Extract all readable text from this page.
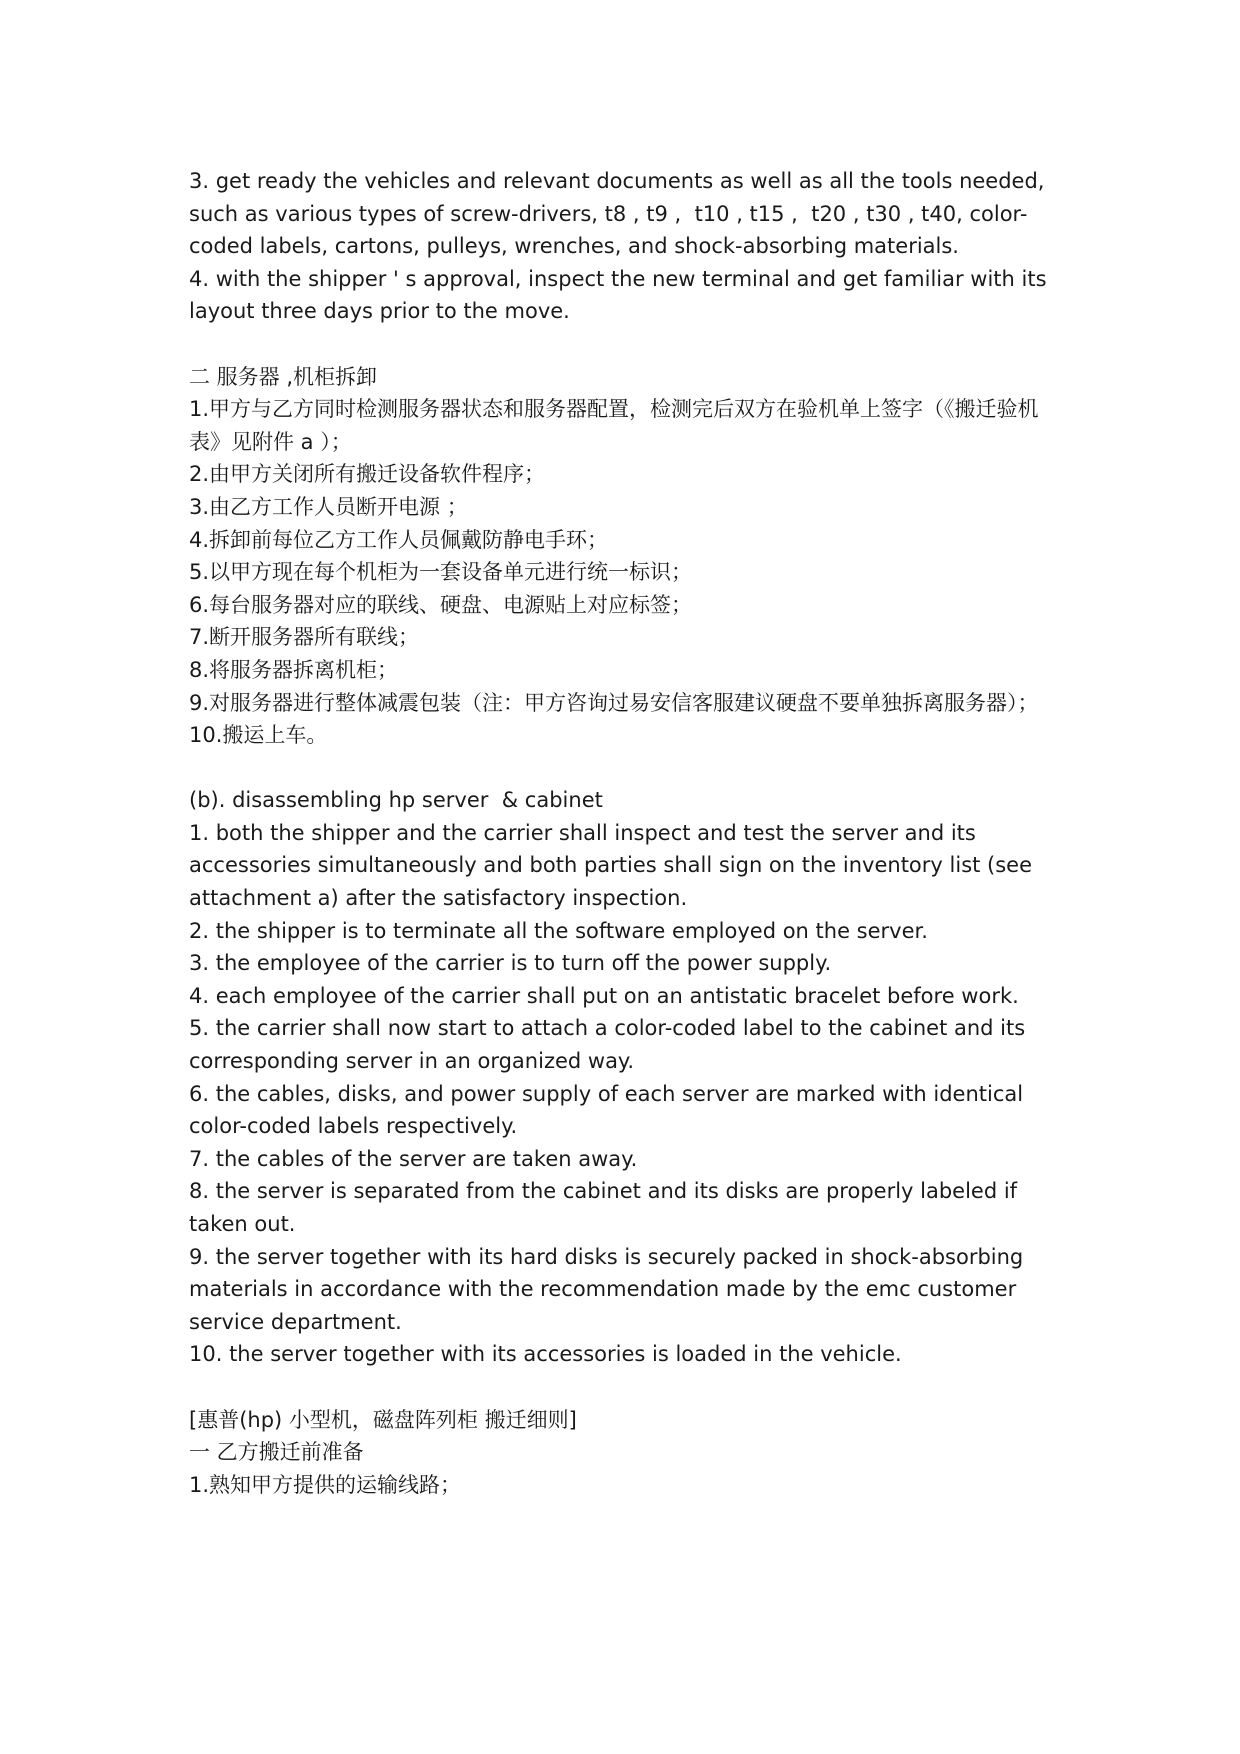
3. get ready the vehicles and relevant documents as well as all the tools needed, such as various types of screw-drivers, t8 , t9 ,  t10 , t15 ,  t20 , t30 , t40, color-coded labels, cartons, pulleys, wrenches, and shock-absorbing materials.

4. with the shipper ' s approval, inspect the new terminal and get familiar with its layout three days prior to the move.

二 服务器 ,机柜拆卸

1.甲方与乙方同时检测服务器状态和服务器配置，检测完后双方在验机单上签字（《搬迁验机表》见附件 a ）；

2.由甲方关闭所有搬迁设备软件程序；

3.由乙方工作人员断开电源 ；

4.拆卸前每位乙方工作人员佩戴防静电手环；

5.以甲方现在每个机柜为一套设备单元进行统一标识；

6.每台服务器对应的联线、硬盘、电源贴上对应标签；

7.断开服务器所有联线；

8.将服务器拆离机柜；

9.对服务器进行整体减震包装（注：甲方咨询过易安信客服建议硬盘不要单独拆离服务器）；

10.搬运上车。

(b). disassembling hp server  & cabinet

1. both the shipper and the carrier shall inspect and test the server and its accessories simultaneously and both parties shall sign on the inventory list (see attachment a) after the satisfactory inspection.

2. the shipper is to terminate all the software employed on the server.

3. the employee of the carrier is to turn off the power supply.

4. each employee of the carrier shall put on an antistatic bracelet before work.

5. the carrier shall now start to attach a color-coded label to the cabinet and its corresponding server in an organized way.

6. the cables, disks, and power supply of each server are marked with identical color-coded labels respectively.

7. the cables of the server are taken away.

8. the server is separated from the cabinet and its disks are properly labeled if taken out.

9. the server together with its hard disks is securely packed in shock-absorbing materials in accordance with the recommendation made by the emc customer service department.

10. the server together with its accessories is loaded in the vehicle.

[惠普(hp) 小型机，磁盘阵列柜 搬迁细则]

一 乙方搬迁前准备

1.熟知甲方提供的运输线路；
